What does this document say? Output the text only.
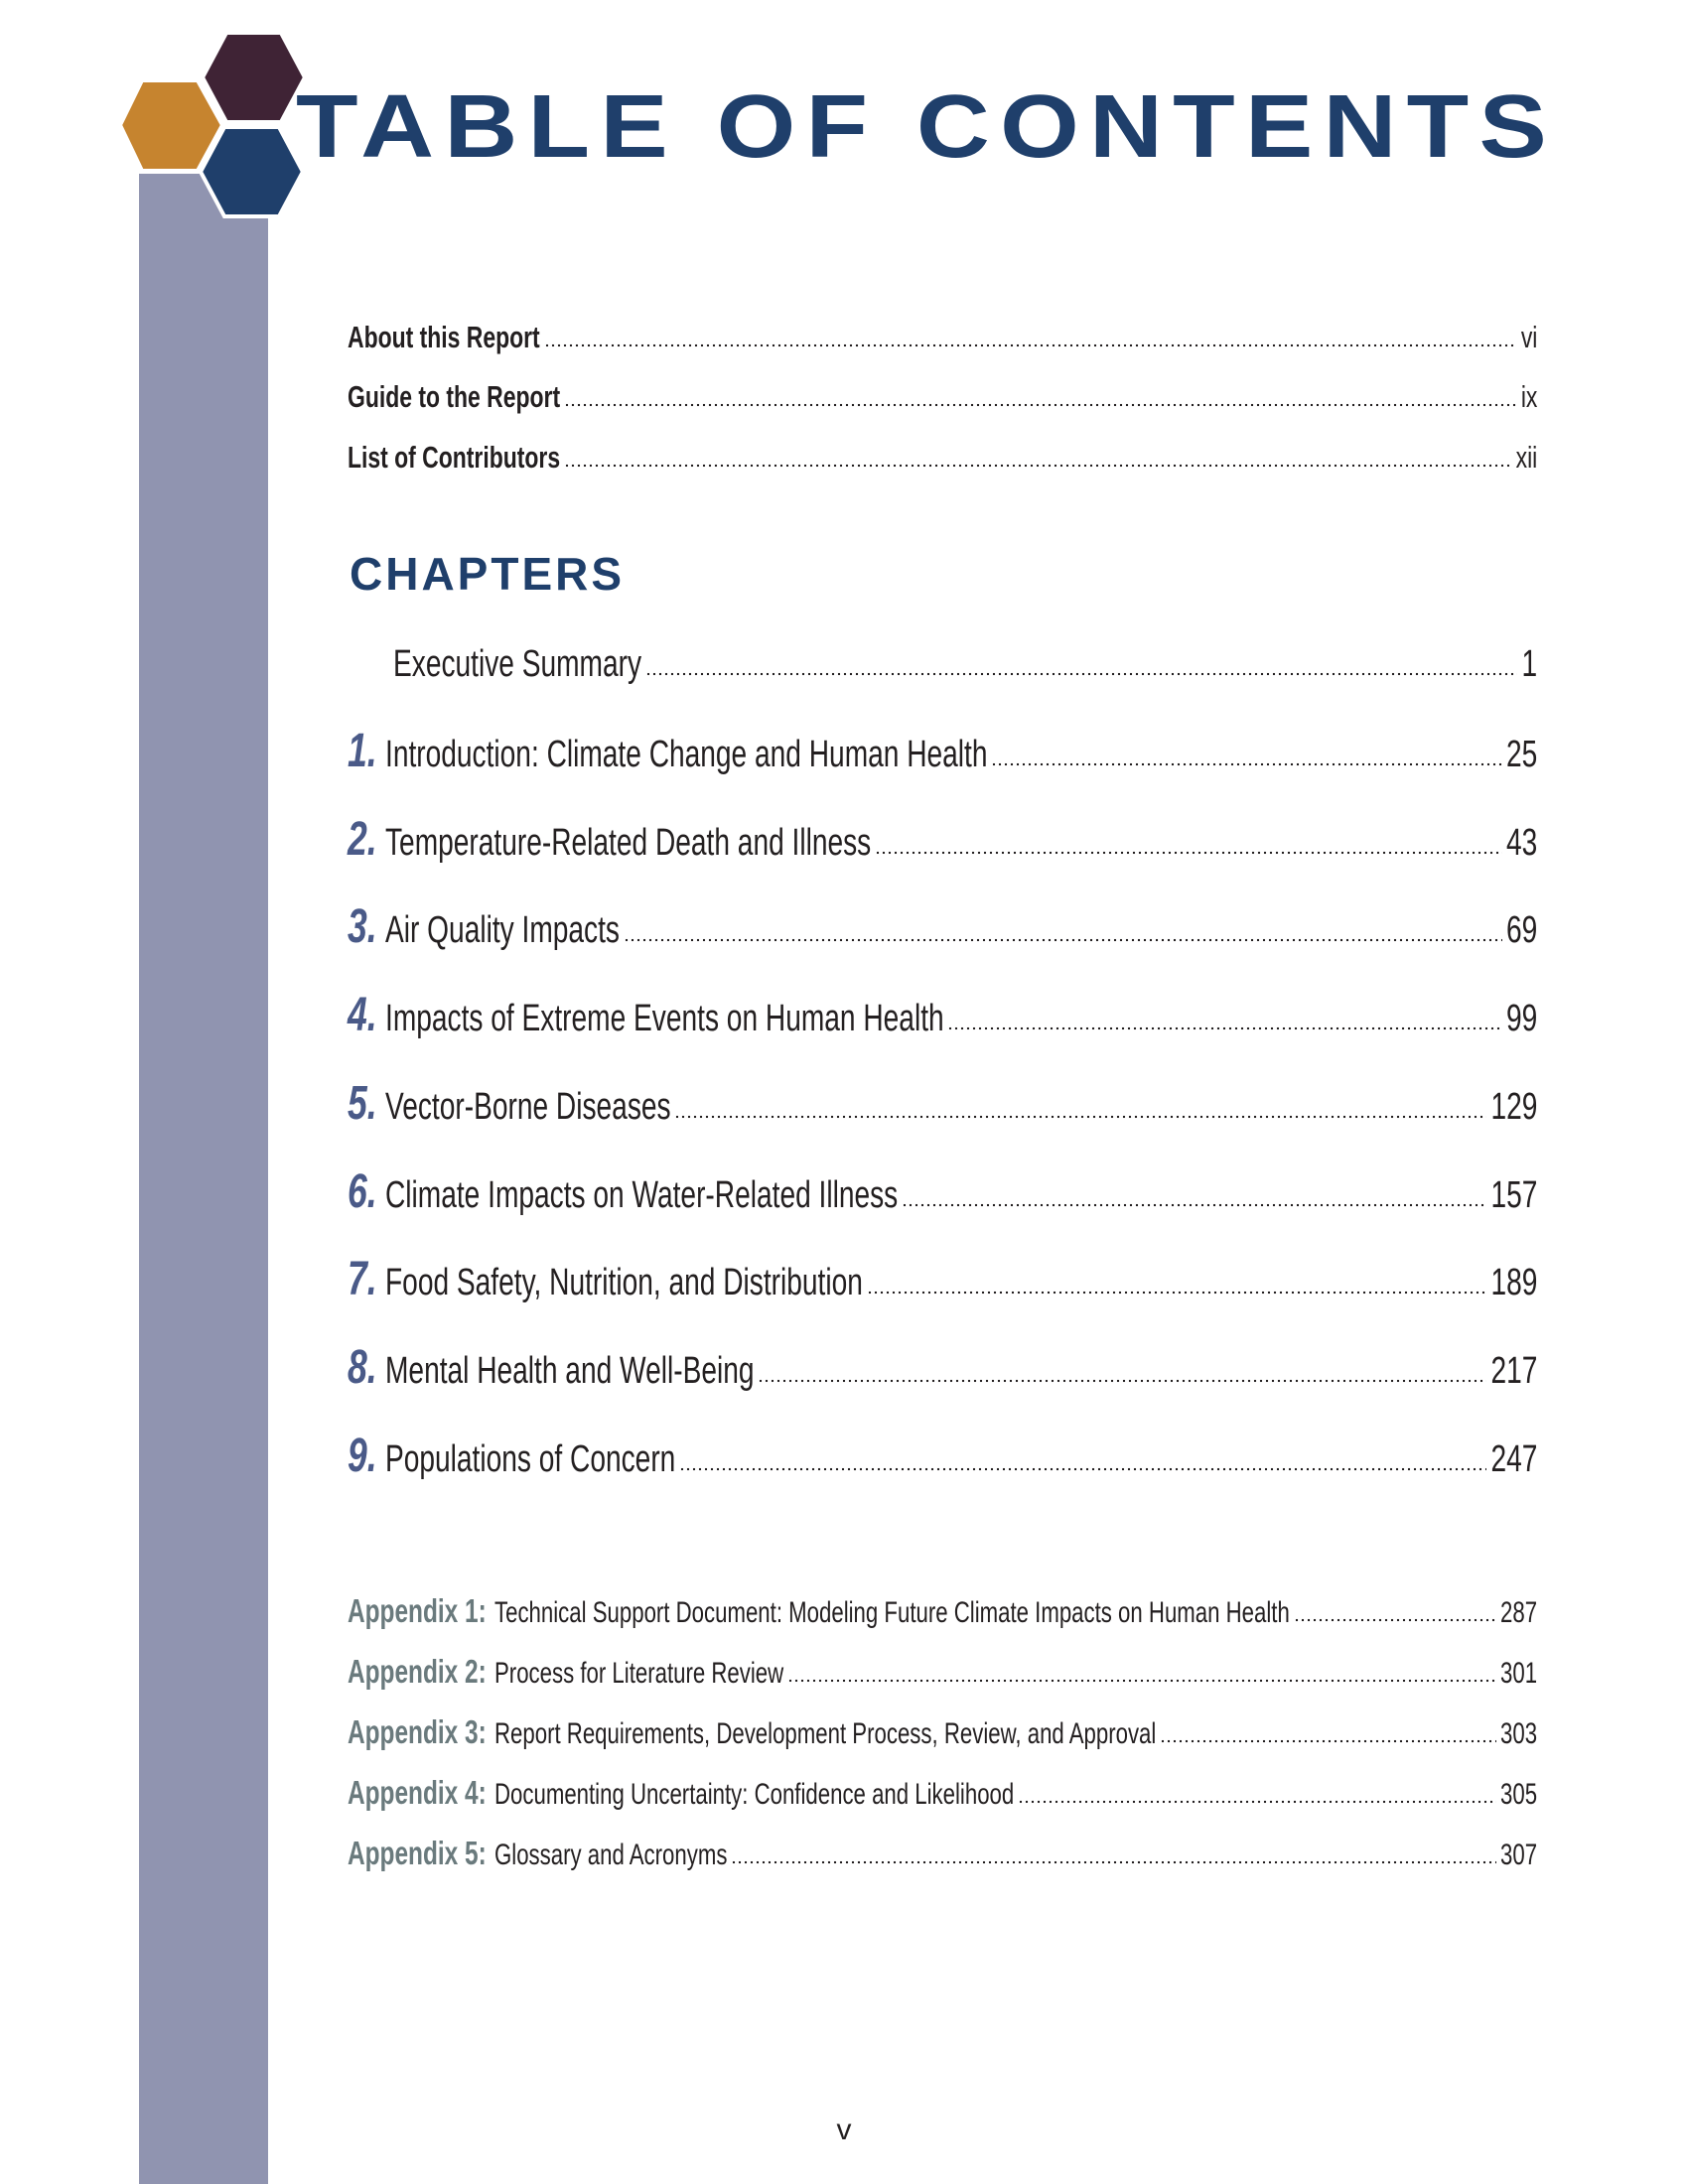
TABLE OF CONTENTS
About this Report	vi
Guide to the Report	ix
List of Contributors	xii
CHAPTERS
Executive Summary	1
1. Introduction: Climate Change and Human Health	25
2. Temperature-Related Death and Illness	43
3. Air Quality Impacts	69
4. Impacts of Extreme Events on Human Health	99
5. Vector-Borne Diseases	129
6. Climate Impacts on Water-Related Illness	157
7. Food Safety, Nutrition, and Distribution	189
8. Mental Health and Well-Being	217
9. Populations of Concern	247
Appendix 1: Technical Support Document: Modeling Future Climate Impacts on Human Health	287
Appendix 2: Process for Literature Review	301
Appendix 3: Report Requirements, Development Process, Review, and Approval	303
Appendix 4: Documenting Uncertainty: Confidence and Likelihood	305
Appendix 5: Glossary and Acronyms	307
v
